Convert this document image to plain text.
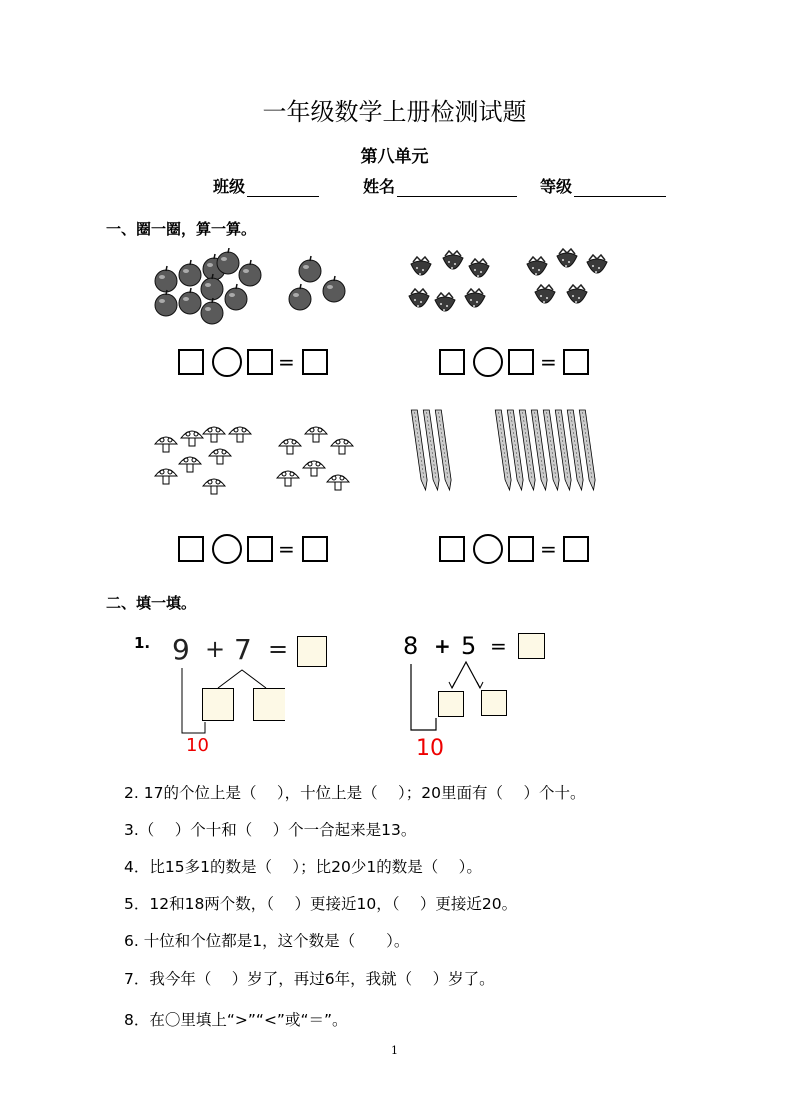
一年级数学上册检测试题
第八单元
班级	姓名	等级
一、圈一圈，算一算。
=	=
=	=
二、填一填。
1. 9 + 7 =
10
8 + 5 =
10
2. 17的个位上是（　 ），十位上是（　 ）；20里面有（　 ）个十。
3.（　 ）个十和（　 ）个一合起来是13。
4．比15多1的数是（　 ）；比20少1的数是（　 ）。
5．12和18两个数，（　 ）更接近10，（　 ）更接近20。
6. 十位和个位都是1，这个数是（　　）。
7．我今年（　 ）岁了，再过6年，我就（　 ）岁了。
8．在〇里填上“>”“<”或“＝”。
1
